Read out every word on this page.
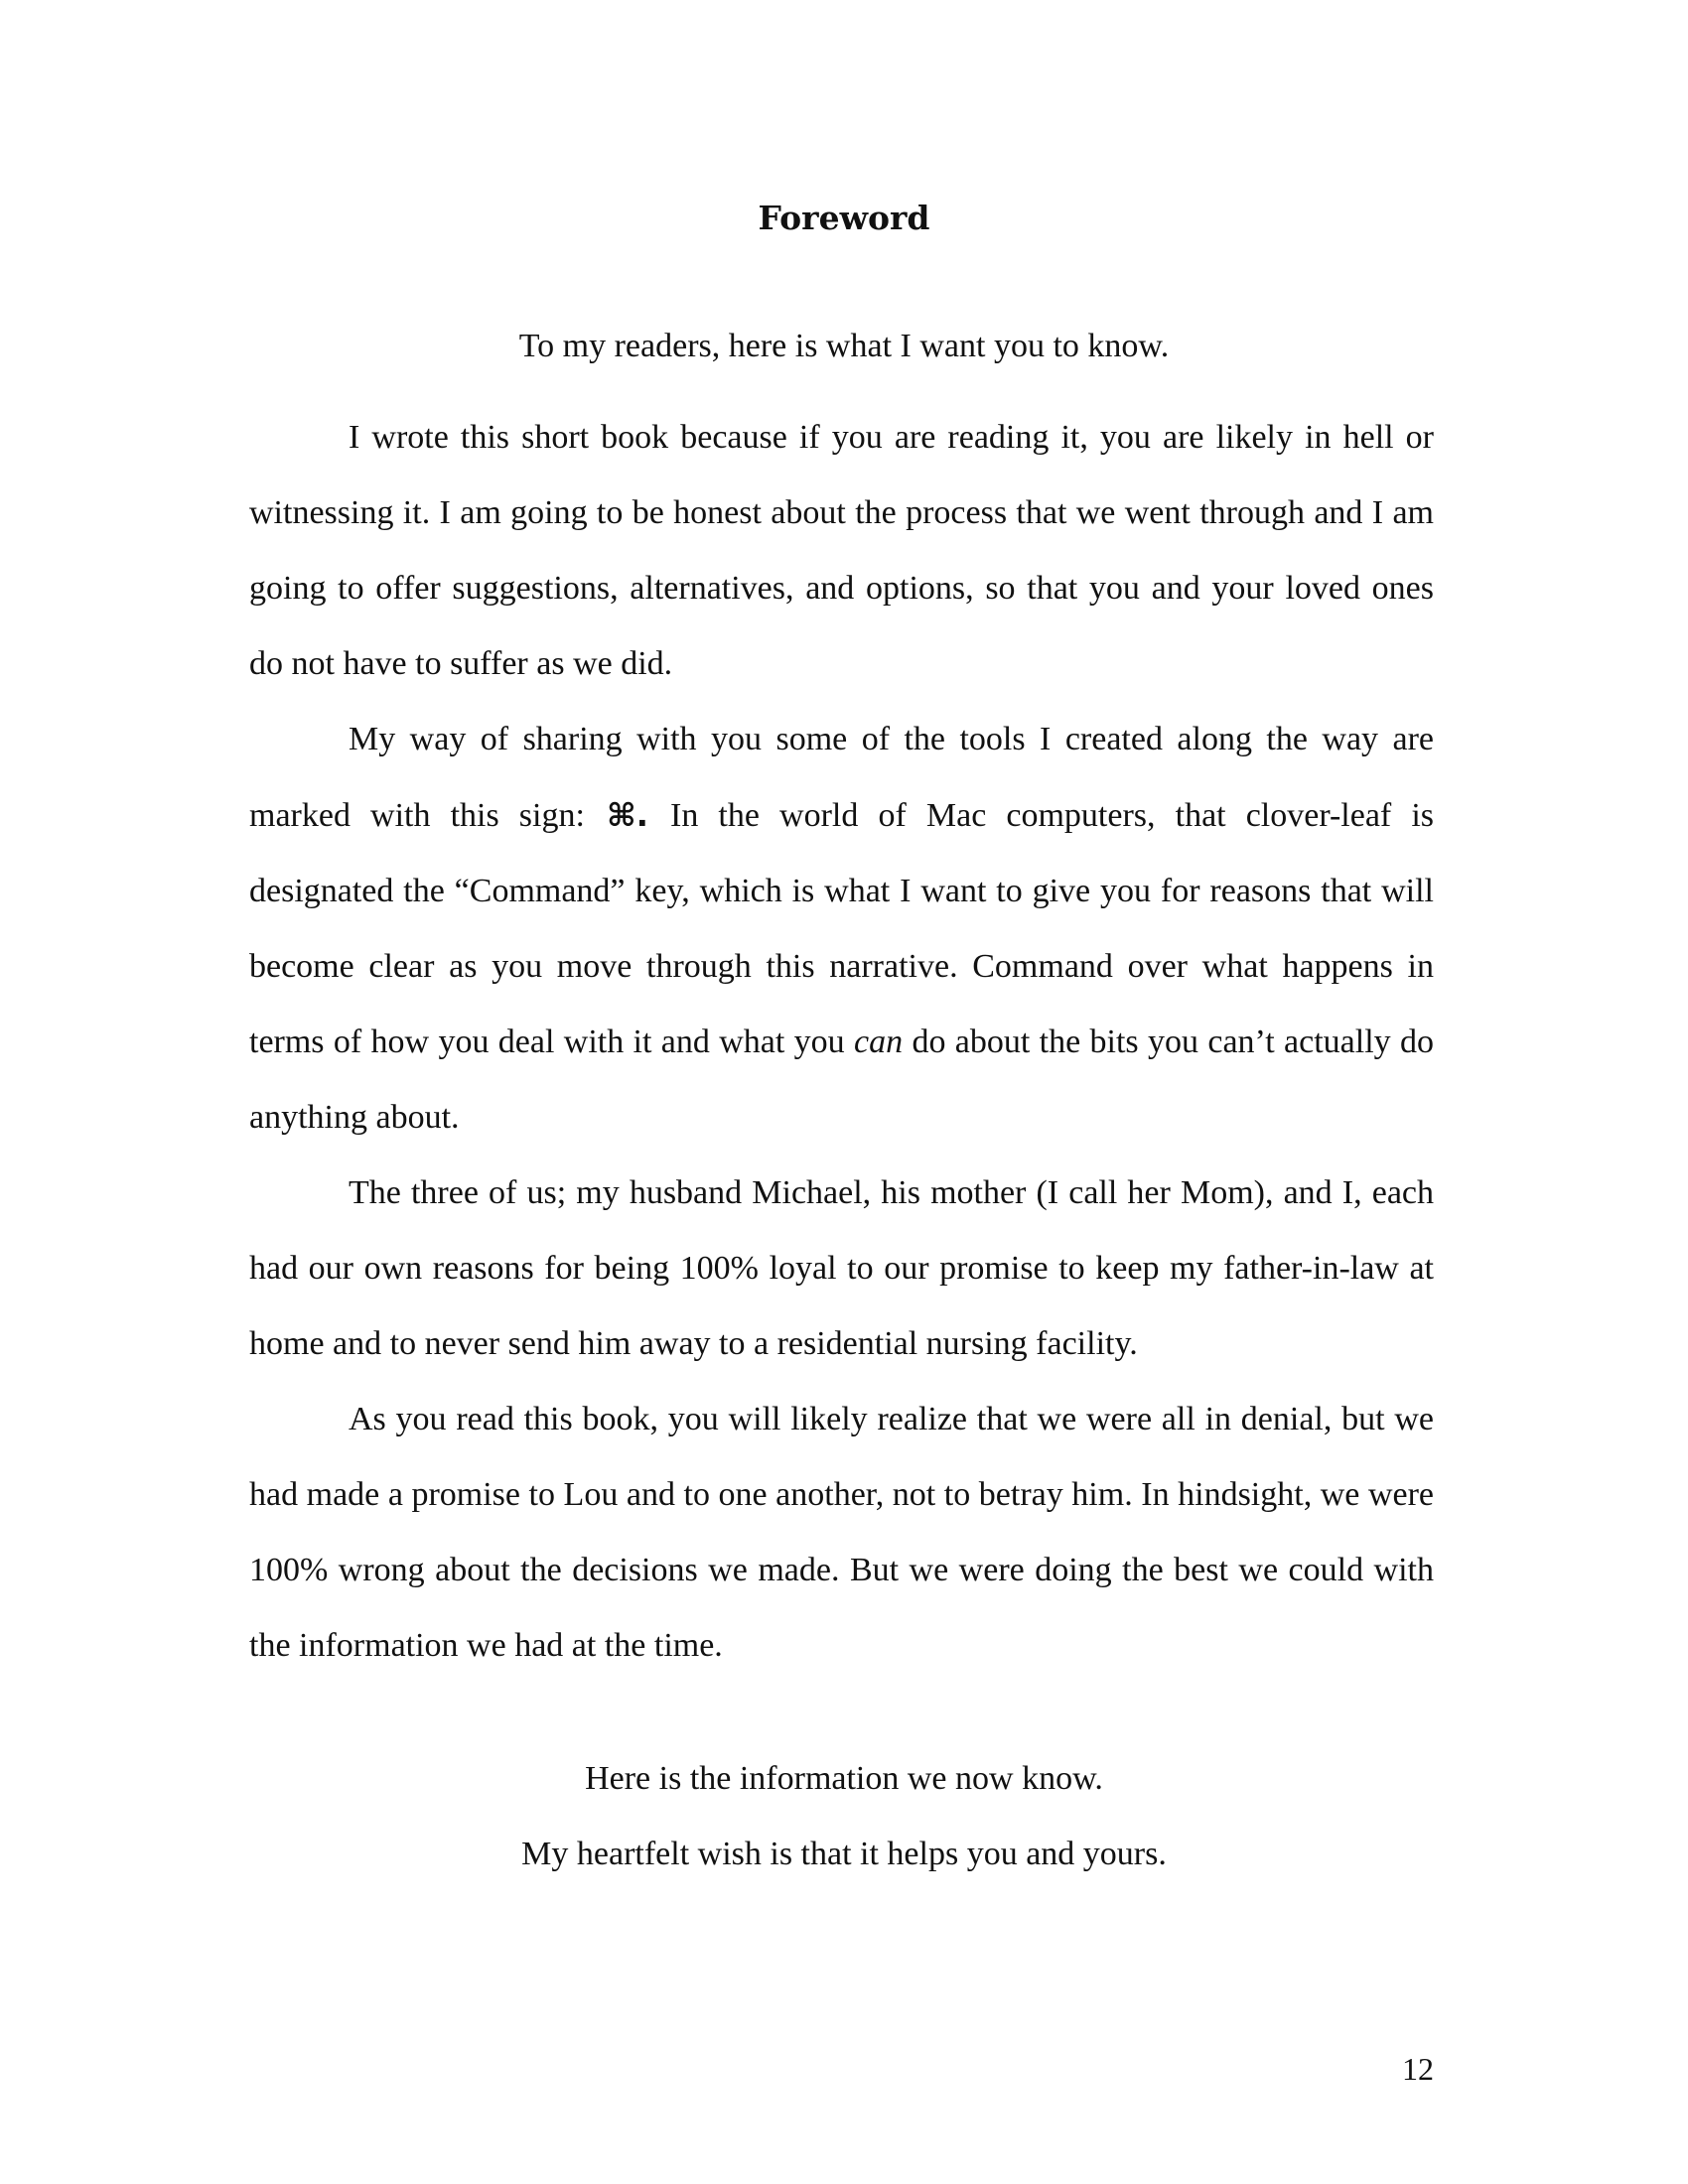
Foreword
To my readers, here is what I want you to know.

I wrote this short book because if you are reading it, you are likely in hell or witnessing it. I am going to be honest about the process that we went through and I am going to offer suggestions, alternatives, and options, so that you and your loved ones do not have to suffer as we did.

My way of sharing with you some of the tools I created along the way are marked with this sign: ⌘. In the world of Mac computers, that clover-leaf is designated the “Command” key, which is what I want to give you for reasons that will become clear as you move through this narrative. Command over what happens in terms of how you deal with it and what you can do about the bits you can’t actually do anything about.

The three of us; my husband Michael, his mother (I call her Mom), and I, each had our own reasons for being 100% loyal to our promise to keep my father-in-law at home and to never send him away to a residential nursing facility.

As you read this book, you will likely realize that we were all in denial, but we had made a promise to Lou and to one another, not to betray him. In hindsight, we were 100% wrong about the decisions we made. But we were doing the best we could with the information we had at the time.

Here is the information we now know.
My heartfelt wish is that it helps you and yours.
12
